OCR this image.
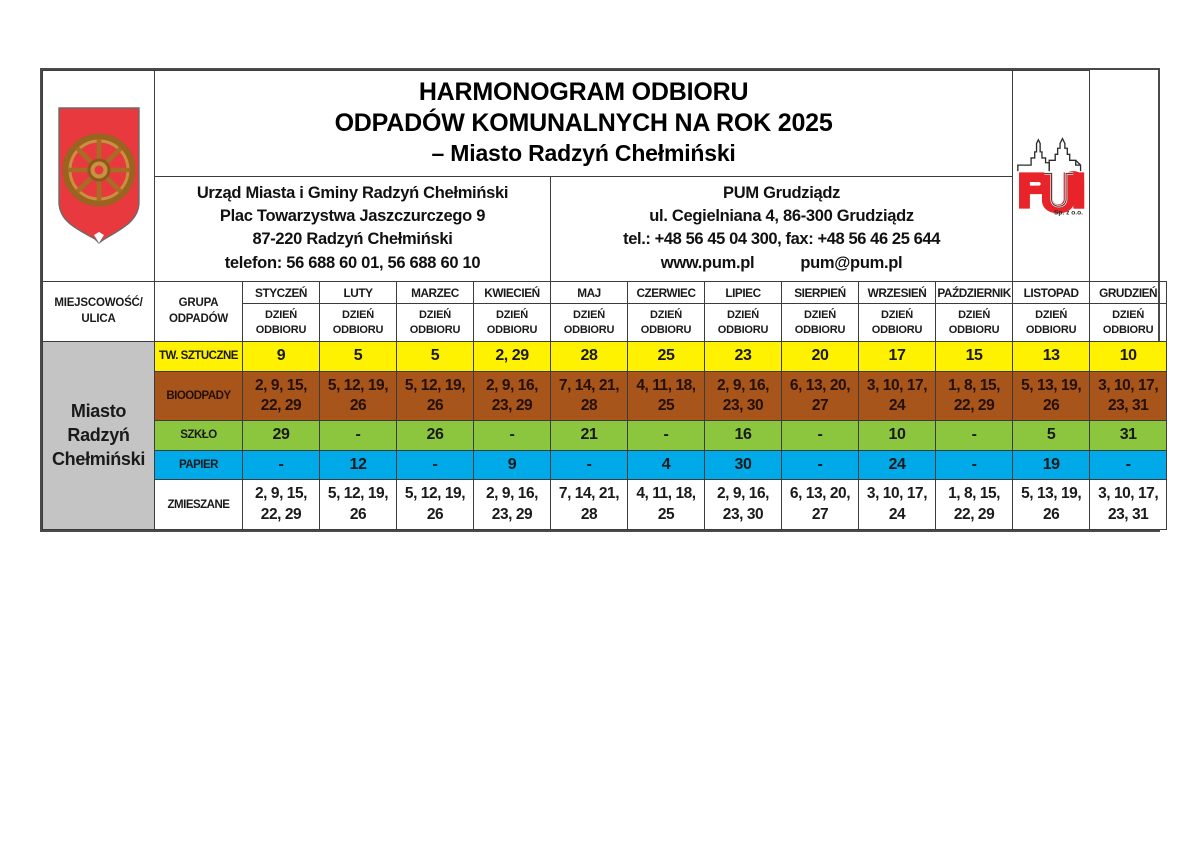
HARMONOGRAM ODBIORU
ODPADÓW KOMUNALNYCH NA ROK 2025
– Miasto Radzyń Chełmiński											Sp. z o.o.	

Urząd Miasta i Gminy Radzyń Chełmiński
Plac Towarzystwa Jaszczurczego 9
87-220 Radzyń Chełmiński
telefon: 56 688 60 01, 56 688 60 10

PUM Grudziądz
ul. Cegielniana 4, 86-300 Grudziądz
tel.: +48 56 45 04 300, fax: +48 56 46 25 644
www.pum.pl	pum@pum.pl

MIEJSCOWOŚĆ/
ULICA

GRUPA
ODPADÓW
	STYCZEŃ	LUTY	MARZEC	KWIECIEŃ	MAJ	CZERWIEC	LIPIEC	SIERPIEŃ	WRZESIEŃ	PAŹDZIERNIK	LISTOPAD	GRUDZIEŃ

DZIEŃ
ODBIORU

DZIEŃ
ODBIORU

DZIEŃ
ODBIORU

DZIEŃ
ODBIORU

DZIEŃ
ODBIORU

DZIEŃ
ODBIORU

DZIEŃ
ODBIORU

DZIEŃ
ODBIORU

DZIEŃ
ODBIORU

DZIEŃ
ODBIORU

DZIEŃ
ODBIORU

DZIEŃ
ODBIORU

Miasto
Radzyń
Chełmiński	TW. SZTUCZNE	9	5	5	2, 29	28	25	23	20	17	15	13	10
	BIOODPADY	2, 9, 15, 22, 29	5, 12, 19, 26	5, 12, 19, 26	2, 9, 16, 23, 29	7, 14, 21, 28	4, 11, 18, 25	2, 9, 16, 23, 30	6, 13, 20, 27	3, 10, 17, 24	1, 8, 15, 22, 29	5, 13, 19, 26	3, 10, 17, 23, 31
	SZKŁO	29	-	26	-	21	-	16	-	10	-	5	31
	PAPIER	-	12	-	9	-	4	30	-	24	-	19	-
	ZMIESZANE	2, 9, 15, 22, 29	5, 12, 19, 26	5, 12, 19, 26	2, 9, 16, 23, 29	7, 14, 21, 28	4, 11, 18, 25	2, 9, 16, 23, 30	6, 13, 20, 27	3, 10, 17, 24	1, 8, 15, 22, 29	5, 13, 19, 26	3, 10, 17, 23, 31
